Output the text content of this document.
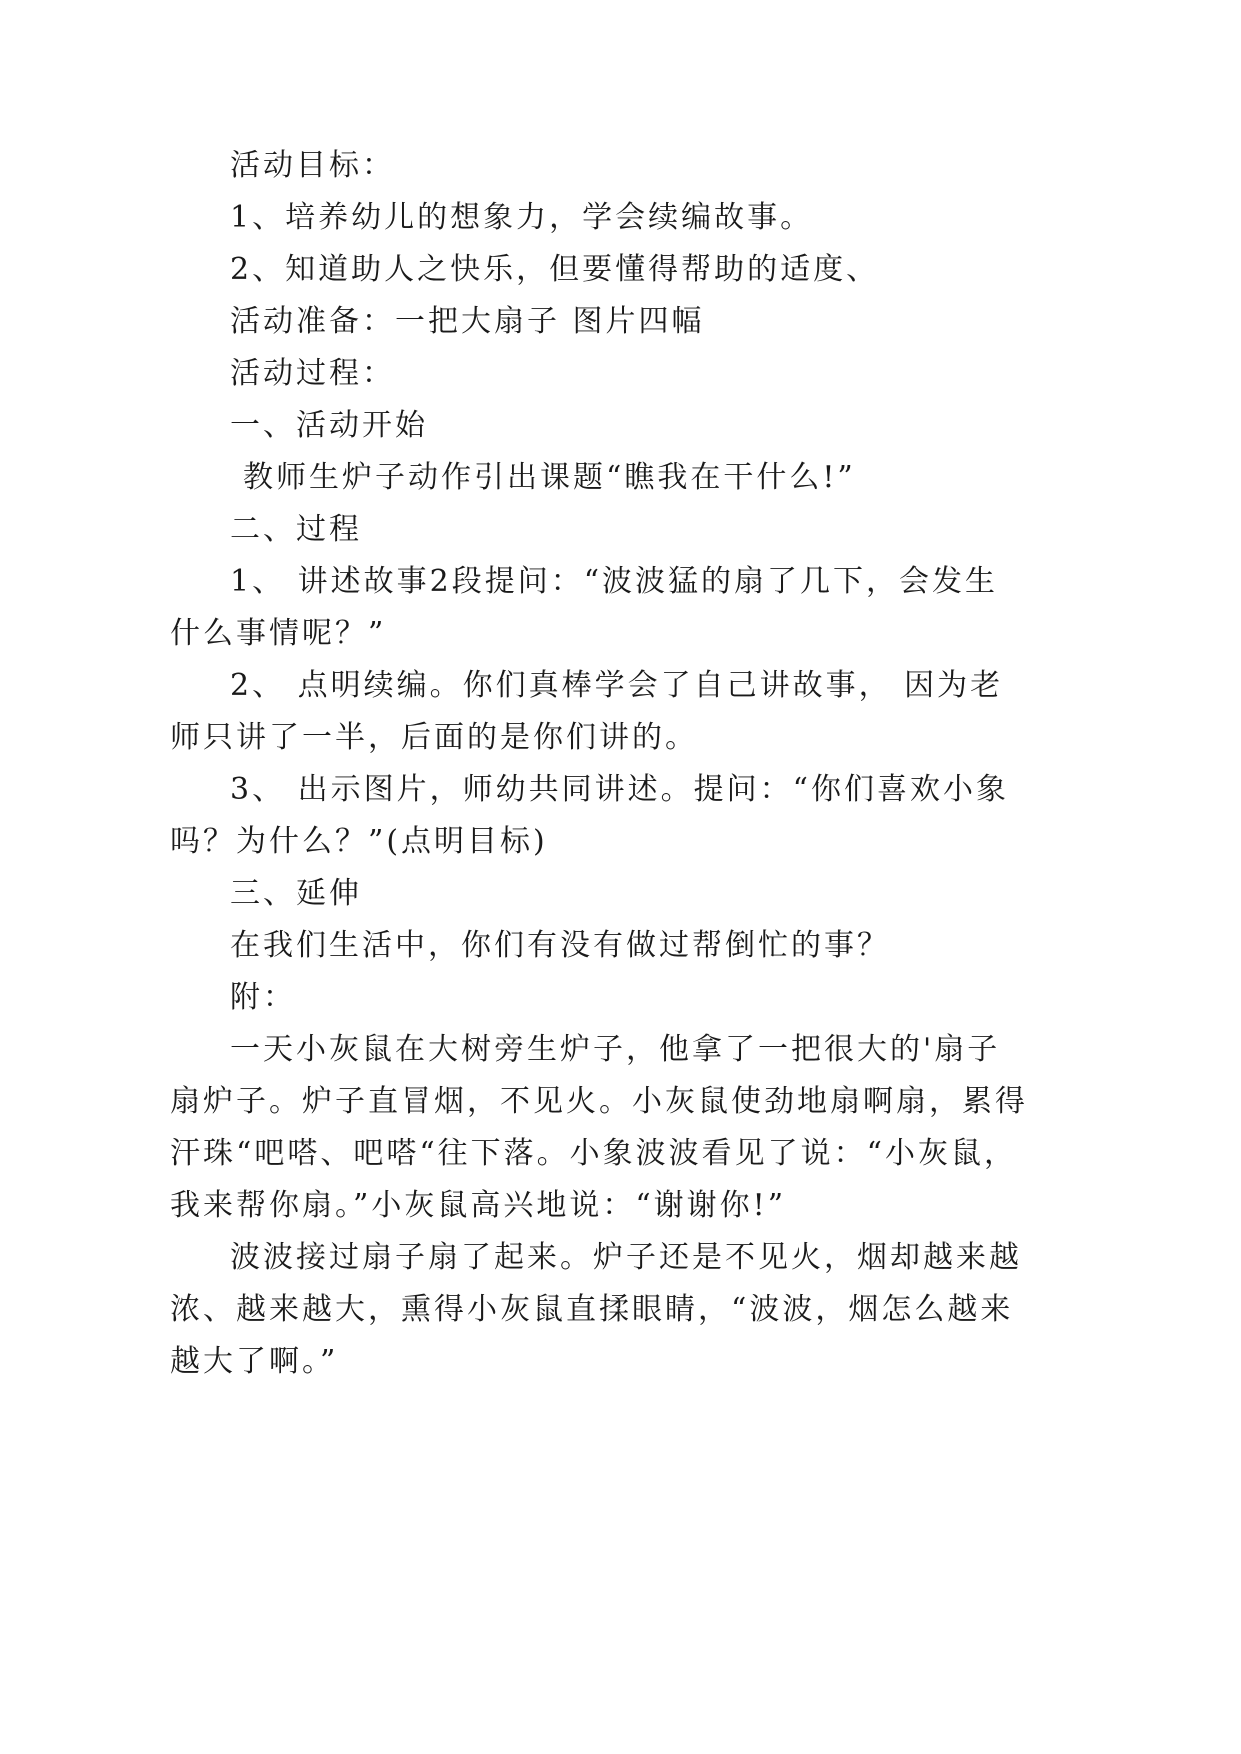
活动目标：
1、培养幼儿的想象力，学会续编故事。
2、知道助人之快乐，但要懂得帮助的适度、
活动准备：一把大扇子 图片四幅
活动过程：
一、活动开始
教师生炉子动作引出课题“瞧我在干什么!”
二、过程
1、 讲述故事2段提问：“波波猛的扇了几下，会发生
什么事情呢？”
2、 点明续编。你们真棒学会了自己讲故事， 因为老
师只讲了一半，后面的是你们讲的。
3、 出示图片，师幼共同讲述。提问：“你们喜欢小象
吗？为什么？”(点明目标)
三、延伸
在我们生活中，你们有没有做过帮倒忙的事？
附：
一天小灰鼠在大树旁生炉子，他拿了一把很大的'扇子
扇炉子。炉子直冒烟，不见火。小灰鼠使劲地扇啊扇，累得
汗珠“吧嗒、吧嗒“往下落。小象波波看见了说：“小灰鼠，
我来帮你扇。”小灰鼠高兴地说：“谢谢你!”
波波接过扇子扇了起来。炉子还是不见火，烟却越来越
浓、越来越大，熏得小灰鼠直揉眼睛，“波波，烟怎么越来
越大了啊。”
